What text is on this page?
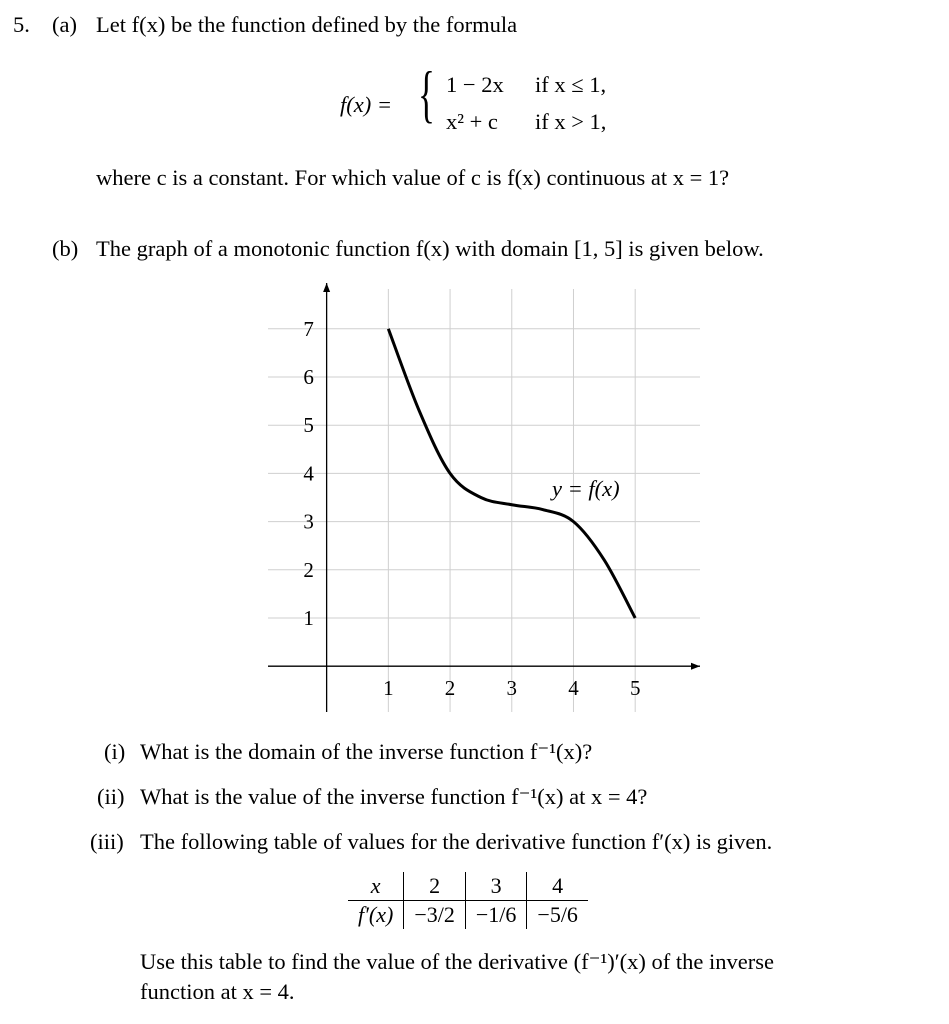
5. (a) Let f(x) be the function defined by the formula
f(x) = { 1 − 2x if x ≤ 1,
x² + c if x > 1,
where c is a constant. For which value of c is f(x) continuous at x = 1?
(b) The graph of a monotonic function f(x) with domain [1, 5] is given below.
1 2 3 4 5
1
2
3
4
5
6
7
y = f(x)
(i) What is the domain of the inverse function f⁻¹(x)?
(ii) What is the value of the inverse function f⁻¹(x) at x = 4?
(iii) The following table of values for the derivative function f′(x) is given.
x	2	3	4
f′(x)	−3/2	−1/6	−5/6
Use this table to find the value of the derivative (f⁻¹)′(x) of the inverse
function at x = 4.
